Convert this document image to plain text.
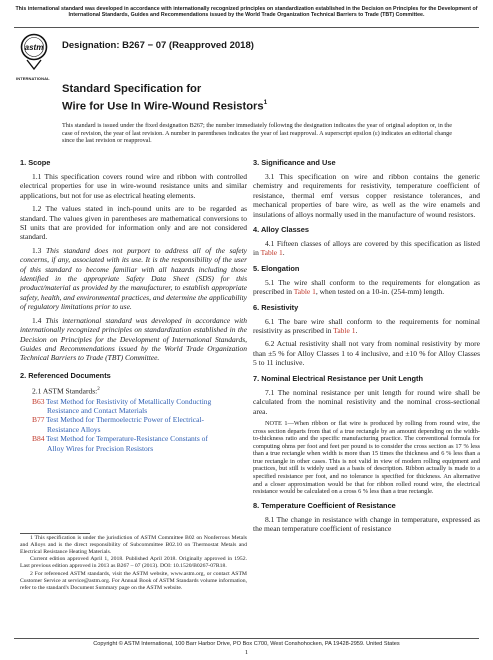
This international standard was developed in accordance with internationally recognized principles on standardization established in the Decision on Principles for the Development of International Standards, Guides and Recommendations issued by the World Trade Organization Technical Barriers to Trade (TBT) Committee.
astm
INTERNATIONAL
Designation: B267 − 07 (Reapproved 2018)
Standard Specification for
Wire for Use In Wire-Wound Resistors$^1$
This standard is issued under the fixed designation B267; the number immediately following the designation indicates the year of original adoption or, in the case of revision, the year of last revision. A number in parentheses indicates the year of last reapproval. A superscript epsilon (ε) indicates an editorial change since the last revision or reapproval.
1. Scope

1.1 This specification covers round wire and ribbon with controlled electrical properties for use in wire-wound resistance units and similar applications, but not for use as electrical heating elements.

1.2 The values stated in inch-pound units are to be regarded as standard. The values given in parentheses are mathematical conversions to SI units that are provided for information only and are not considered standard.

1.3 This standard does not purport to address all of the safety concerns, if any, associated with its use. It is the responsibility of the user of this standard to become familiar with all hazards including those identified in the appropriate Safety Data Sheet (SDS) for this product/material as provided by the manufacturer, to establish appropriate safety, health, and environmental practices, and determine the applicability of regulatory limitations prior to use.

1.4 This international standard was developed in accordance with internationally recognized principles on standardization established in the Decision on Principles for the Development of International Standards, Guides and Recommendations issued by the World Trade Organization Technical Barriers to Trade (TBT) Committee.

2. Referenced Documents
2.1 ASTM Standards:$^2$
B63Test Method for Resistivity of Metallically Conducting
Resistance and Contact Materials
B77Test Method for Thermoelectric Power of Electrical-
Resistance Alloys
B84Test Method for Temperature-Resistance Constants of
Alloy Wires for Precision Resistors
3. Significance and Use

3.1 This specification on wire and ribbon contains the generic chemistry and requirements for resistivity, temperature coefficient of resistance, thermal emf versus copper resistance tolerances, and mechanical properties of bare wire, as well as the wire enamels and insulations of alloys normally used in the manufacture of wound resistors.

4. Alloy Classes

4.1 Fifteen classes of alloys are covered by this specification as listed in Table 1.

5. Elongation

5.1 The wire shall conform to the requirements for elongation as prescribed in Table 1, when tested on a 10-in. (254-mm) length.

6. Resistivity

6.1 The bare wire shall conform to the requirements for nominal resistivity as prescribed in Table 1.

6.2 Actual resistivity shall not vary from nominal resistivity by more than ±5 % for Alloy Classes 1 to 4 inclusive, and ±10 % for Alloy Classes 5 to 11 inclusive.

7. Nominal Electrical Resistance per Unit Length

7.1 The nominal resistance per unit length for round wire shall be calculated from the nominal resistivity and the nominal cross-sectional area.

NOTE 1—When ribbon or flat wire is produced by rolling from round wire, the cross section departs from that of a true rectangle by an amount depending on the width-to-thickness ratio and the specific manufacturing practice. The conventional formula for computing ohms per foot and feet per pound is to consider the cross section as 17 % less than a true rectangle when width is more than 15 times the thickness and 6 % less than a true rectangle in other cases. This is not valid in view of modern rolling equipment and practices, but still is widely used as a basis of description. Ribbon actually is made to a specified resistance per foot, and no tolerance is specified for thickness. An alternative and a closer approximation would be that for ribbon rolled round wire, the electrical resistance would be calculated on a cross 6 % less than a true rectangle.
8. Temperature Coefficient of Resistance

8.1 The change in resistance with change in temperature, expressed as the mean temperature coefficient of resistance

1 This specification is under the jurisdiction of ASTM Committee B02 on Nonferrous Metals and Alloys and is the direct responsibility of Subcommittee B02.10 on Thermostat Metals and Electrical Resistance Heating Materials.

Current edition approved April 1, 2018. Published April 2018. Originally approved in 1952. Last previous edition approved in 2013 as B267 – 07 (2013). DOI: 10.1520/B0267-07R18.

2 For referenced ASTM standards, visit the ASTM website, www.astm.org, or contact ASTM Customer Service at service@astm.org. For Annual Book of ASTM Standards volume information, refer to the standard's Document Summary page on the ASTM website.

Copyright © ASTM International, 100 Barr Harbor Drive, PO Box C700, West Conshohocken, PA 19428-2959. United States
1
